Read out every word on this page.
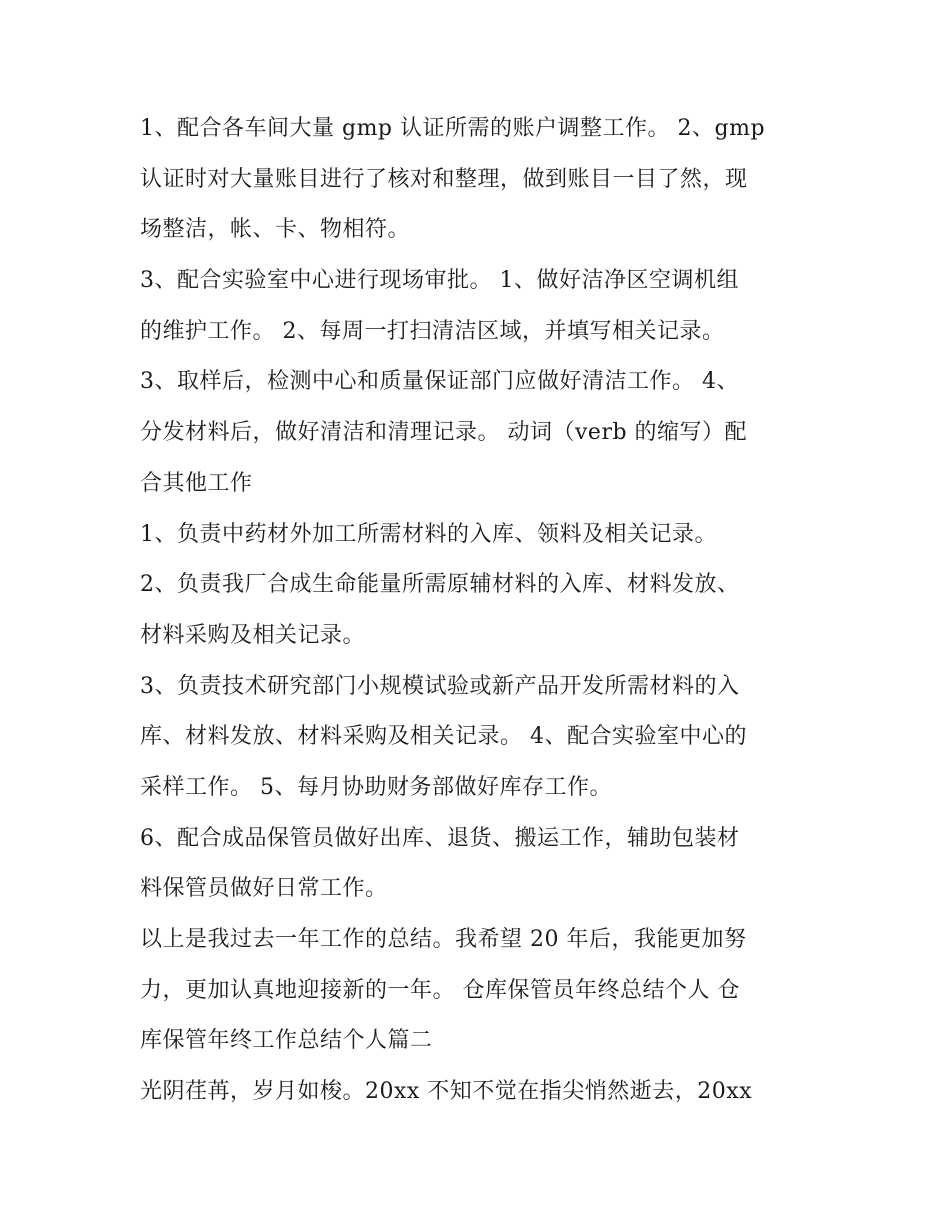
1、配合各车间大量 gmp 认证所需的账户调整工作。 2、gmp
认证时对大量账目进行了核对和整理，做到账目一目了然，现
场整洁，帐、卡、物相符。
3、配合实验室中心进行现场审批。 1、做好洁净区空调机组
的维护工作。 2、每周一打扫清洁区域，并填写相关记录。
3、取样后，检测中心和质量保证部门应做好清洁工作。 4、
分发材料后，做好清洁和清理记录。 动词（verb 的缩写）配
合其他工作
1、负责中药材外加工所需材料的入库、领料及相关记录。
2、负责我厂合成生命能量所需原辅材料的入库、材料发放、
材料采购及相关记录。
3、负责技术研究部门小规模试验或新产品开发所需材料的入
库、材料发放、材料采购及相关记录。 4、配合实验室中心的
采样工作。 5、每月协助财务部做好库存工作。
6、配合成品保管员做好出库、退货、搬运工作，辅助包装材
料保管员做好日常工作。
以上是我过去一年工作的总结。我希望 20 年后，我能更加努
力，更加认真地迎接新的一年。 仓库保管员年终总结个人 仓
库保管年终工作总结个人篇二
光阴荏苒，岁月如梭。20xx 不知不觉在指尖悄然逝去，20xx
